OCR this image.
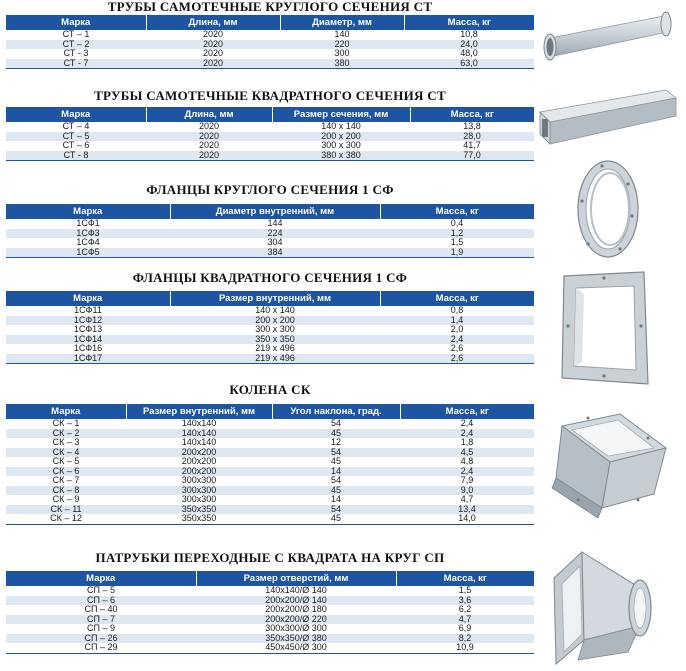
ТРУБЫ САМОТЕЧНЫЕ КРУГЛОГО СЕЧЕНИЯ СТ
Марка	Длина, мм	Диаметр, мм	Масса, кг
СТ – 1	2020	140	10,8
СТ – 2	2020	220	24,0
СТ - 3	2020	300	48,0
СТ - 7	2020	380	63,0
ТРУБЫ САМОТЕЧНЫЕ КВАДРАТНОГО СЕЧЕНИЯ СТ
Марка	Длина, мм	Размер сечения, мм	Масса, кг
СТ – 4	2020	140 х 140	13,8
СТ – 5	2020	200 х 200	28,0
СТ – 6	2020	300 х 300	41,7
СТ - 8	2020	380 х 380	77,0
ФЛАНЦЫ КРУГЛОГО СЕЧЕНИЯ 1 СФ
Марка	Диаметр внутренний, мм	Масса, кг
1СФ1	144	0,4
1СФ3	224	1,2
1СФ4	304	1,5
1СФ5	384	1,9
ФЛАНЦЫ КВАДРАТНОГО СЕЧЕНИЯ 1 СФ
Марка	Размер внутренний, мм	Масса, кг
1СФ11	140 х 140	0,8
1СФ12	200 х 200	1,4
1СФ13	300 х 300	2,0
1СФ14	350 х 350	2,4
1СФ16	219 х 496	2,6
1СФ17	219 х 496	2,6
КОЛЕНА СК
Марка	Размер внутренний, мм	Угол наклона, град.	Масса, кг
СК – 1	140х140	54	2,4
СК – 2	140х140	45	2,4
СК – 3	140х140	12	1,8
СК – 4	200х200	54	4,5
СК – 5	200х200	45	4,8
СК – 6	200х200	14	2,4
СК – 7	300х300	54	7,9
СК – 8	300х300	45	9,0
СК – 9	300х300	14	4,7
СК – 11	350х350	54	13,4
СК – 12	350х350	45	14,0
ПАТРУБКИ ПЕРЕХОДНЫЕ С КВАДРАТА НА КРУГ СП
Марка	Размер отверстий, мм	Масса, кг
СП – 5	140х140/Ø 140	1,5
СП – 6	200х200/Ø 140	3,6
СП – 40	200х200/Ø 180	6,2
СП – 7	200х200/Ø 220	4,7
СП – 9	300х300/Ø 300	6,9
СП – 26	350х350/Ø 380	8,2
СП – 29	450х450/Ø 300	10,9
